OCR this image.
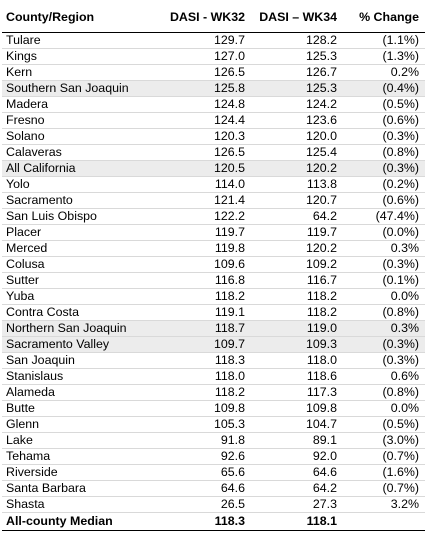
County/Region	DASI - WK32	DASI – WK34	% Change
Tulare	129.7	128.2	(1.1%)
Kings	127.0	125.3	(1.3%)
Kern	126.5	126.7	0.2%
Southern San Joaquin	125.8	125.3	(0.4%)
Madera	124.8	124.2	(0.5%)
Fresno	124.4	123.6	(0.6%)
Solano	120.3	120.0	(0.3%)
Calaveras	126.5	125.4	(0.8%)
All California	120.5	120.2	(0.3%)
Yolo	114.0	113.8	(0.2%)
Sacramento	121.4	120.7	(0.6%)
San Luis Obispo	122.2	64.2	(47.4%)
Placer	119.7	119.7	(0.0%)
Merced	119.8	120.2	0.3%
Colusa	109.6	109.2	(0.3%)
Sutter	116.8	116.7	(0.1%)
Yuba	118.2	118.2	0.0%
Contra Costa	119.1	118.2	(0.8%)
Northern San Joaquin	118.7	119.0	0.3%
Sacramento Valley	109.7	109.3	(0.3%)
San Joaquin	118.3	118.0	(0.3%)
Stanislaus	118.0	118.6	0.6%
Alameda	118.2	117.3	(0.8%)
Butte	109.8	109.8	0.0%
Glenn	105.3	104.7	(0.5%)
Lake	91.8	89.1	(3.0%)
Tehama	92.6	92.0	(0.7%)
Riverside	65.6	64.6	(1.6%)
Santa Barbara	64.6	64.2	(0.7%)
Shasta	26.5	27.3	3.2%
All-county Median	118.3	118.1	
